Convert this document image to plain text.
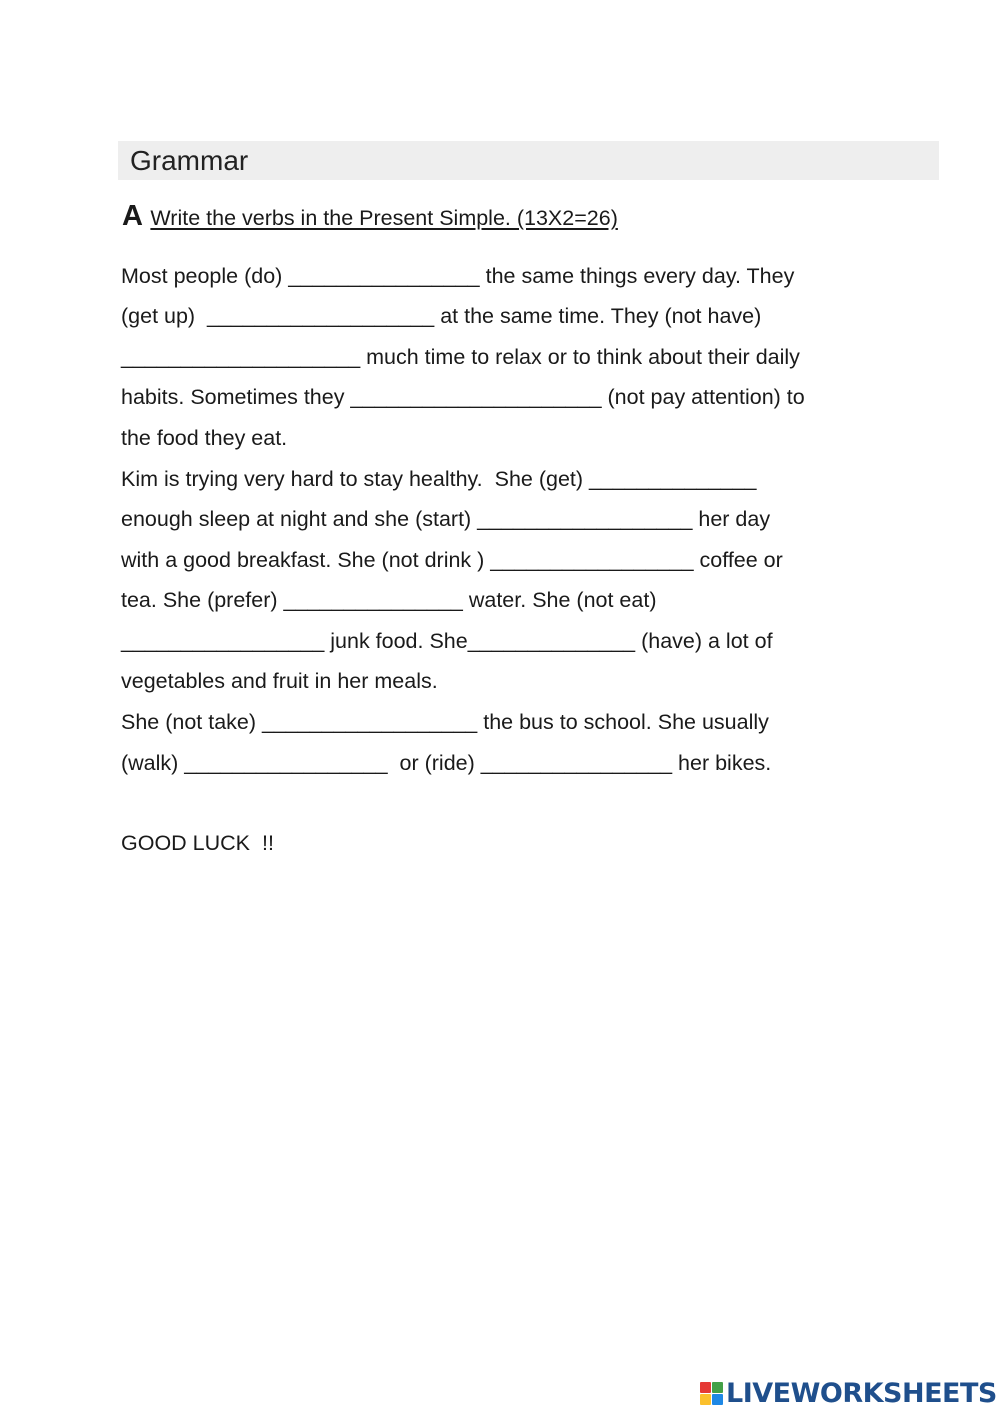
Grammar
A Write the verbs in the Present Simple. (13X2=26)
Most people (do) ________________ the same things every day. They
(get up)  ___________________ at the same time. They (not have)
____________________ much time to relax or to think about their daily
habits. Sometimes they _____________________ (not pay attention) to
the food they eat.
Kim is trying very hard to stay healthy.  She (get) ______________
enough sleep at night and she (start) __________________ her day
with a good breakfast. She (not drink ) _________________ coffee or
tea. She (prefer) _______________ water. She (not eat)
_________________ junk food. She______________ (have) a lot of
vegetables and fruit in her meals.
She (not take) __________________ the bus to school. She usually
(walk) _________________  or (ride) ________________ her bikes.
GOOD LUCK  !!
LIVEWORKSHEETS
